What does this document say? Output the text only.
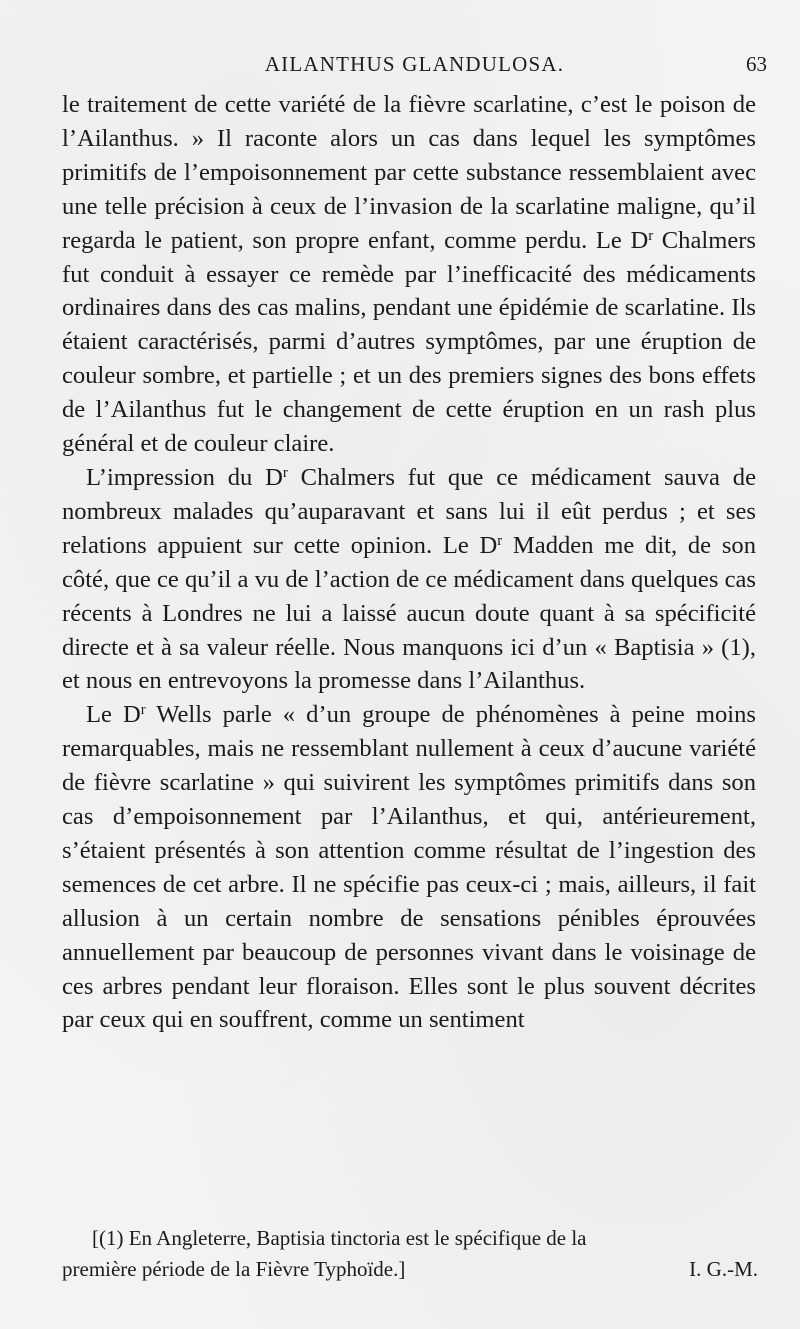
AILANTHUS GLANDULOSA.	63

le traitement de cette variété de la fièvre scarlatine, c’est le poison de l’Ailanthus. » Il raconte alors un cas dans lequel les symptômes primitifs de l’empoisonnement par cette substance ressemblaient avec une telle précision à ceux de l’invasion de la scarlatine maligne, qu’il regarda le patient, son propre enfant, comme perdu. Le $D^r$ Chalmers fut conduit à essayer ce remède par l’inefficacité des médicaments ordinaires dans des cas malins, pendant une épidémie de scarlatine. Ils étaient caractérisés, parmi d’autres symptômes, par une éruption de couleur sombre, et partielle ; et un des premiers signes des bons effets de l’Ailanthus fut le changement de cette éruption en un rash plus général et de couleur claire.

L’impression du $D^r$ Chalmers fut que ce médicament sauva de nombreux malades qu’auparavant et sans lui il eût perdus ; et ses relations appuient sur cette opinion. Le $D^r$ Madden me dit, de son côté, que ce qu’il a vu de l’action de ce médicament dans quelques cas récents à Londres ne lui a laissé aucun doute quant à sa spécificité directe et à sa valeur réelle. Nous manquons ici d’un « Baptisia » (1), et nous en entrevoyons la promesse dans l’Ailanthus.

Le $D^r$ Wells parle « d’un groupe de phénomènes à peine moins remarquables, mais ne ressemblant nullement à ceux d’aucune variété de fièvre scarlatine » qui suivirent les symptômes primitifs dans son cas d’empoisonnement par l’Ailanthus, et qui, antérieurement, s’étaient présentés à son attention comme résultat de l’ingestion des semences de cet arbre. Il ne spécifie pas ceux-ci ; mais, ailleurs, il fait allusion à un certain nombre de sensations pénibles éprouvées annuellement par beaucoup de personnes vivant dans le voisinage de ces arbres pendant leur floraison. Elles sont le plus souvent décrites par ceux qui en souffrent, comme un sentiment

[(1) En Angleterre, Baptisia tinctoria est le spécifique de la
première période de la Fièvre Typhoïde.]	I. G.-M.
